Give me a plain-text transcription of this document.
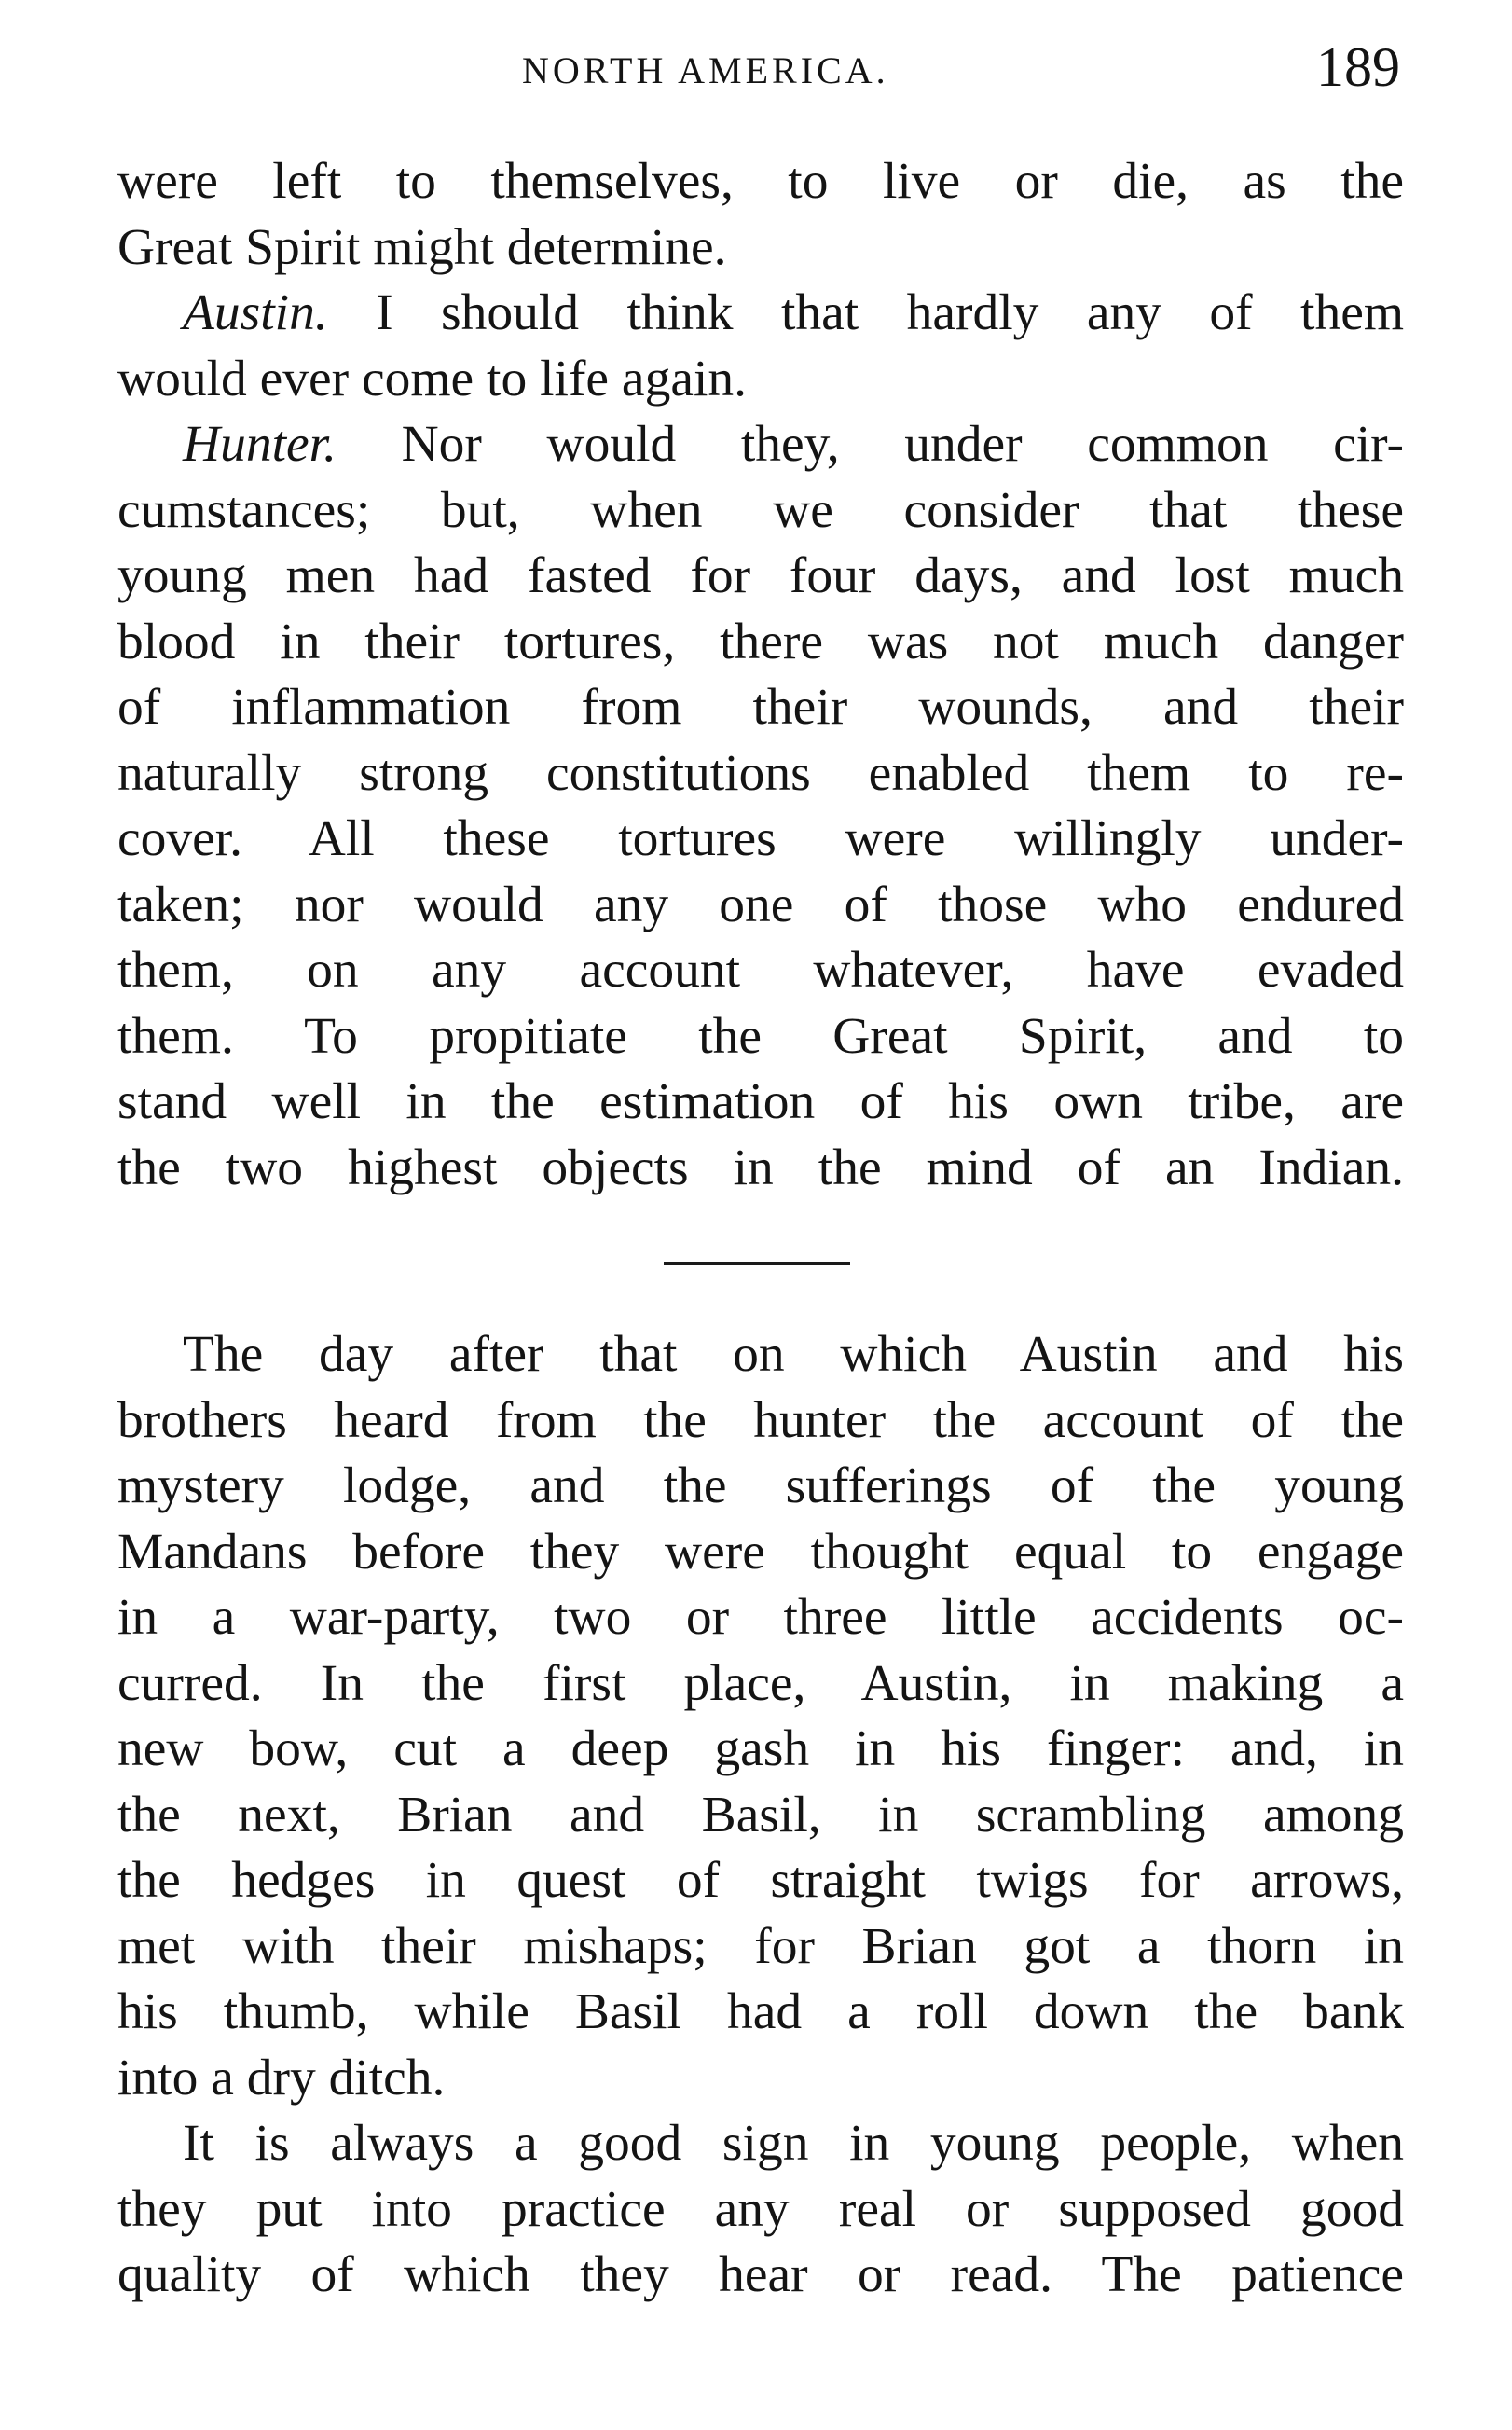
NORTH AMERICA.	189
were left to themselves, to live or die, as the
Great Spirit might determine.
Austin. I should think that hardly any of them
would ever come to life again.
Hunter. Nor would they, under common cir-
cumstances; but, when we consider that these
young men had fasted for four days, and lost much
blood in their tortures, there was not much danger
of inflammation from their wounds, and their
naturally strong constitutions enabled them to re-
cover. All these tortures were willingly under-
taken; nor would any one of those who endured
them, on any account whatever, have evaded
them. To propitiate the Great Spirit, and to
stand well in the estimation of his own tribe, are
the two highest objects in the mind of an Indian.
The day after that on which Austin and his
brothers heard from the hunter the account of the
mystery lodge, and the sufferings of the young
Mandans before they were thought equal to engage
in a war-party, two or three little accidents oc-
curred. In the first place, Austin, in making a
new bow, cut a deep gash in his finger: and, in
the next, Brian and Basil, in scrambling among
the hedges in quest of straight twigs for arrows,
met with their mishaps; for Brian got a thorn in
his thumb, while Basil had a roll down the bank
into a dry ditch.
It is always a good sign in young people, when
they put into practice any real or supposed good
quality of which they hear or read. The patience
